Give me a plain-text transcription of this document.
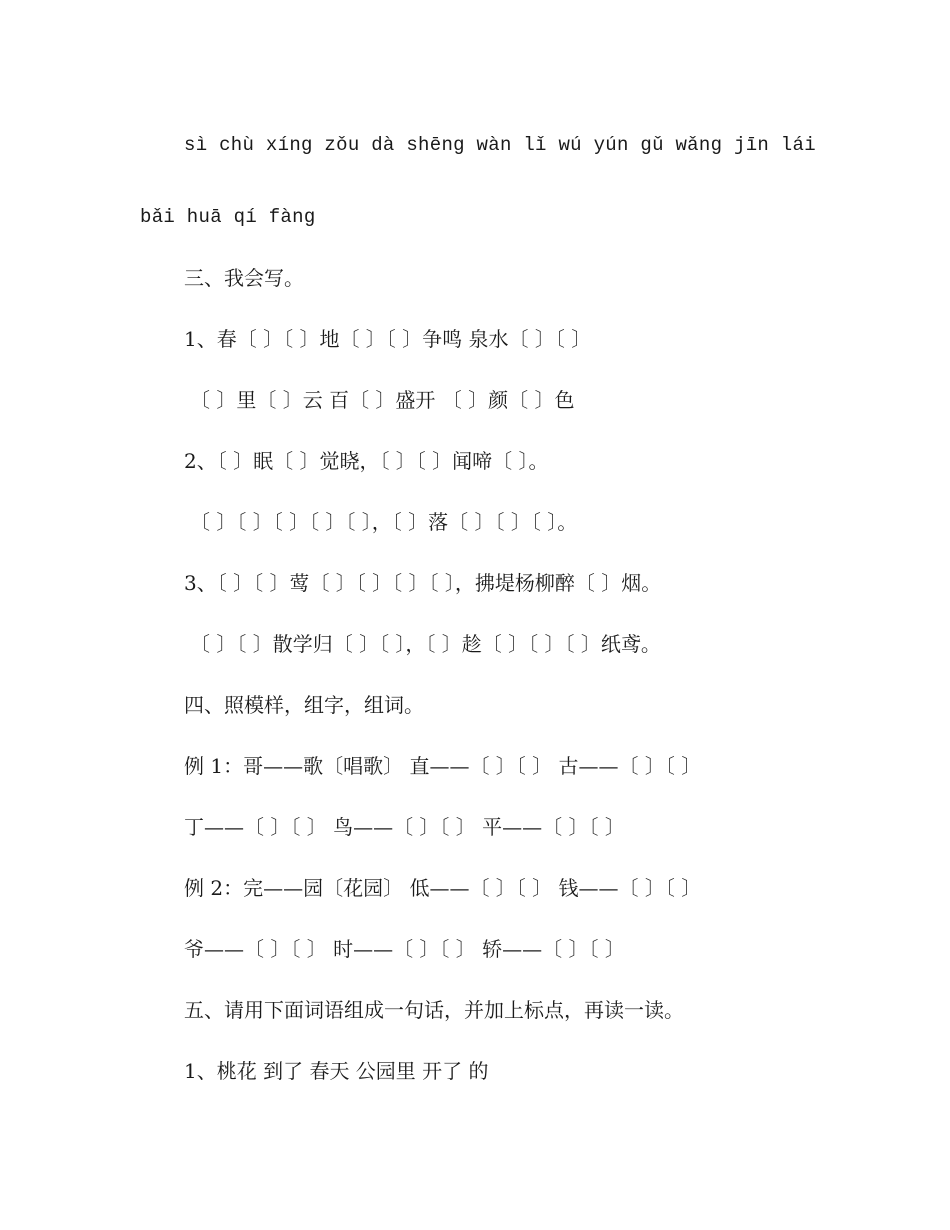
sì chù xíng zǒu dà shēng wàn lǐ wú yún gǔ wǎng jīn lái

bǎi huā qí fàng

三、我会写。

1、春〔 〕〔 〕地〔 〕〔 〕争鸣 泉水〔 〕〔 〕

〔 〕里〔 〕云 百〔 〕盛开 〔 〕颜〔 〕色

2、〔 〕眠〔 〕觉晓，〔 〕〔 〕闻啼〔 〕。

〔 〕〔 〕〔 〕〔 〕〔 〕，〔 〕落〔 〕〔 〕〔 〕。

3、〔 〕〔 〕莺〔 〕〔 〕〔 〕〔 〕，拂堤杨柳醉〔 〕烟。

〔 〕〔 〕散学归〔 〕〔 〕，〔 〕趁〔 〕〔 〕〔 〕纸鸢。

四、照模样，组字，组词。

例 1：哥——歌〔唱歌〕 直——〔 〕〔 〕 古——〔 〕〔 〕

丁——〔 〕〔 〕 鸟——〔 〕〔 〕 平——〔 〕〔 〕

例 2：完——园〔花园〕 低——〔 〕〔 〕 钱——〔 〕〔 〕

爷——〔 〕〔 〕 时——〔 〕〔 〕 轿——〔 〕〔 〕

五、请用下面词语组成一句话，并加上标点，再读一读。

1、桃花 到了 春天 公园里 开了 的
